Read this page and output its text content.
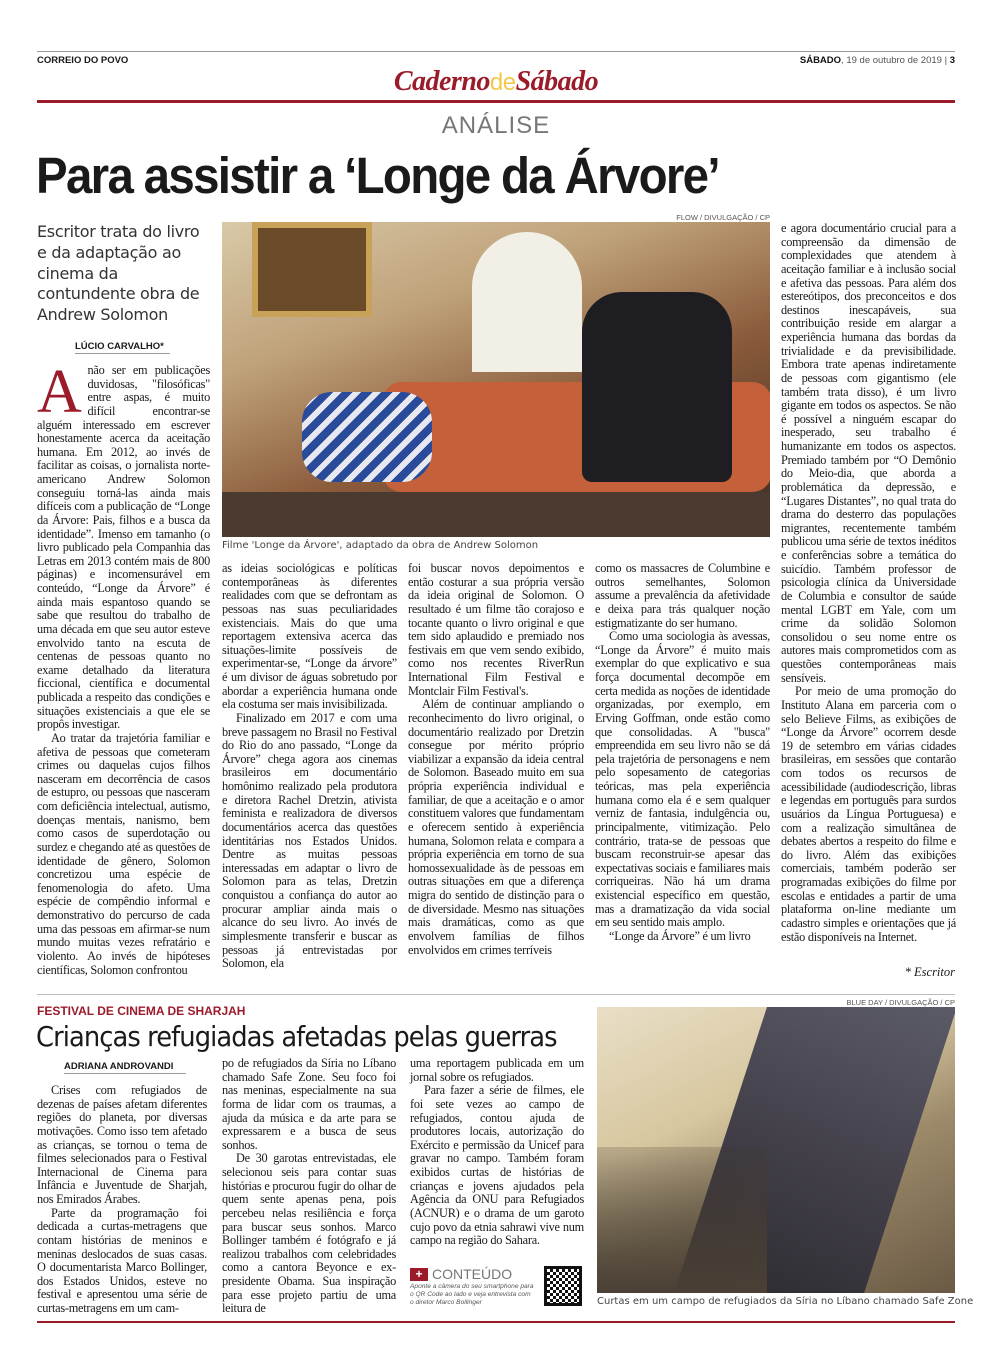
CORREIO DO POVO	SÁBADO, 19 de outubro de 2019 | 3
CadernodeSábado
ANÁLISE
Para assistir a ‘Longe da Árvore’
Escritor trata do livro e da adaptação ao cinema da contundente obra de Andrew Solomon
LÚCIO CARVALHO*
FLOW / DIVULGAÇÃO / CP
Filme 'Longe da Árvore', adaptado da obra de Andrew Solomon
A não ser em publicações duvidosas, "filosóficas" entre aspas, é muito difícil encontrar-se alguém interessado em escrever honestamente acerca da aceitação humana. Em 2012, ao invés de facilitar as coisas, o jornalista norte-americano Andrew Solomon conseguiu torná-las ainda mais difíceis com a publicação de “Longe da Árvore: Pais, filhos e a busca da identidade”. Imenso em tamanho (o livro publicado pela Companhia das Letras em 2013 contém mais de 800 páginas) e incomensurável em conteúdo, “Longe da Árvore” é ainda mais espantoso quando se sabe que resultou do trabalho de uma década em que seu autor esteve envolvido tanto na escuta de centenas de pessoas quanto no exame detalhado da literatura ficcional, científica e documental publicada a respeito das condições e situações existenciais a que ele se propôs investigar.

Ao tratar da trajetória familiar e afetiva de pessoas que cometeram crimes ou daquelas cujos filhos nasceram em decorrência de casos de estupro, ou pessoas que nasceram com deficiência intelectual, autismo, doenças mentais, nanismo, bem como casos de superdotação ou surdez e chegando até as questões de identidade de gênero, Solomon concretizou uma espécie de fenomenologia do afeto. Uma espécie de compêndio informal e demonstrativo do percurso de cada uma das pessoas em afirmar-se num mundo muitas vezes refratário e violento. Ao invés de hipóteses científicas, Solomon confrontou

as ideias sociológicas e políticas contemporâneas às diferentes realidades com que se defrontam as pessoas nas suas peculiaridades existenciais. Mais do que uma reportagem extensiva acerca das situações-limite possíveis de experimentar-se, “Longe da árvore” é um divisor de águas sobretudo por abordar a experiência humana onde ela costuma ser mais invisibilizada.

Finalizado em 2017 e com uma breve passagem no Brasil no Festival do Rio do ano passado, “Longe da Árvore” chega agora aos cinemas brasileiros em documentário homônimo realizado pela produtora e diretora Rachel Dretzin, ativista feminista e realizadora de diversos documentários acerca das questões identitárias nos Estados Unidos. Dentre as muitas pessoas interessadas em adaptar o livro de Solomon para as telas, Dretzin conquistou a confiança do autor ao procurar ampliar ainda mais o alcance do seu livro. Ao invés de simplesmente transferir e buscar as pessoas já entrevistadas por Solomon, ela

foi buscar novos depoimentos e então costurar a sua própria versão da ideia original de Solomon. O resultado é um filme tão corajoso e tocante quanto o livro original e que tem sido aplaudido e premiado nos festivais em que vem sendo exibido, como nos recentes RiverRun International Film Festival e Montclair Film Festival's.

Além de continuar ampliando o reconhecimento do livro original, o documentário realizado por Dretzin consegue por mérito próprio viabilizar a expansão da ideia central de Solomon. Baseado muito em sua própria experiência individual e familiar, de que a aceitação e o amor constituem valores que fundamentam e oferecem sentido à experiência humana, Solomon relata e compara a própria experiência em torno de sua homossexualidade às de pessoas em outras situações em que a diferença migra do sentido de distinção para o de diversidade. Mesmo nas situações mais dramáticas, como as que envolvem famílias de filhos envolvidos em crimes terríveis

como os massacres de Columbine e outros semelhantes, Solomon assume a prevalência da afetividade e deixa para trás qualquer noção estigmatizante do ser humano.

Como uma sociologia às avessas, “Longe da Árvore” é muito mais exemplar do que explicativo e sua força documental decompõe em certa medida as noções de identidade organizadas, por exemplo, em Erving Goffman, onde estão como que consolidadas. A "busca" empreendida em seu livro não se dá pela trajetória de personagens e nem pelo sopesamento de categorias teóricas, mas pela experiência humana como ela é e sem qualquer verniz de fantasia, indulgência ou, principalmente, vitimização. Pelo contrário, trata-se de pessoas que buscam reconstruir-se apesar das expectativas sociais e familiares mais corriqueiras. Não há um drama existencial específico em questão, mas a dramatização da vida social em seu sentido mais amplo.

“Longe da Árvore” é um livro

e agora documentário crucial para a compreensão da dimensão de complexidades que atendem à aceitação familiar e à inclusão social e afetiva das pessoas. Para além dos estereótipos, dos preconceitos e dos destinos inescapáveis, sua contribuição reside em alargar a experiência humana das bordas da trivialidade e da previsibilidade. Embora trate apenas indiretamente de pessoas com gigantismo (ele também trata disso), é um livro gigante em todos os aspectos. Se não é possível a ninguém escapar do inesperado, seu trabalho é humanizante em todos os aspectos. Premiado também por “O Demônio do Meio-dia, que aborda a problemática da depressão, e “Lugares Distantes”, no qual trata do drama do desterro das populações migrantes, recentemente também publicou uma série de textos inéditos e conferências sobre a temática do suicídio. Também professor de psicologia clínica da Universidade de Columbia e consultor de saúde mental LGBT em Yale, com um crime da solidão Solomon consolidou o seu nome entre os autores mais comprometidos com as questões contemporâneas mais sensíveis.

Por meio de uma promoção do Instituto Alana em parceria com o selo Believe Films, as exibições de “Longe da Árvore” ocorrem desde 19 de setembro em várias cidades brasileiras, em sessões que contarão com todos os recursos de acessibilidade (audiodescrição, libras e legendas em português para surdos usuários da Língua Portuguesa) e com a realização simultânea de debates abertos a respeito do filme e do livro. Além das exibições comerciais, também poderão ser programadas exibições do filme por escolas e entidades a partir de uma plataforma on-line mediante um cadastro simples e orientações que já estão disponíveis na Internet.

* Escritor
FESTIVAL DE CINEMA DE SHARJAH
Crianças refugiadas afetadas pelas guerras
ADRIANA ANDROVANDI

Crises com refugiados de dezenas de países afetam diferentes regiões do planeta, por diversas motivações. Como isso tem afetado as crianças, se tornou o tema de filmes selecionados para o Festival Internacional de Cinema para Infância e Juventude de Sharjah, nos Emirados Árabes.

Parte da programação foi dedicada a curtas-metragens que contam histórias de meninos e meninas deslocados de suas casas. O documentarista Marco Bollinger, dos Estados Unidos, esteve no festival e apresentou uma série de curtas-metragens em um cam-

po de refugiados da Síria no Líbano chamado Safe Zone. Seu foco foi nas meninas, especialmente na sua forma de lidar com os traumas, a ajuda da música e da arte para se expressarem e a busca de seus sonhos.

De 30 garotas entrevistadas, ele selecionou seis para contar suas histórias e procurou fugir do olhar de quem sente apenas pena, pois percebeu nelas resiliência e força para buscar seus sonhos. Marco Bollinger também é fotógrafo e já realizou trabalhos com celebridades como a cantora Beyonce e ex-presidente Obama. Sua inspiração para esse projeto partiu de uma leitura de

uma reportagem publicada em um jornal sobre os refugiados.

Para fazer a série de filmes, ele foi sete vezes ao campo de refugiados, contou ajuda de produtores locais, autorização do Exército e permissão da Unicef para gravar no campo. Também foram exibidos curtas de histórias de crianças e jovens ajudados pela Agência da ONU para Refugiados (ACNUR) e o drama de um garoto cujo povo da etnia sahrawi vive num campo na região do Sahara.

+ CONTEÚDO
Aponte a câmera do seu smartphone para o QR Code ao lado e veja entrevista com o diretor Marco Bollinger
BLUE DAY / DIVULGAÇÃO / CP
Curtas em um campo de refugiados da Síria no Líbano chamado Safe Zone
